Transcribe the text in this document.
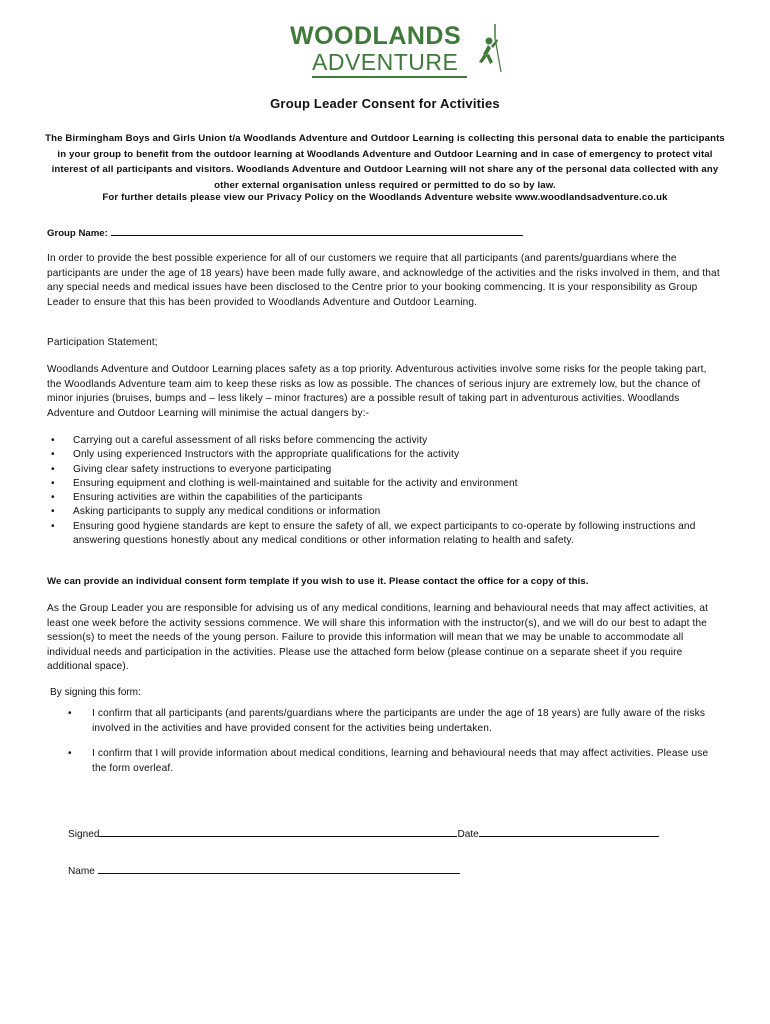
WOODLANDS
ADVENTURE
Group Leader Consent for Activities

The Birmingham Boys and Girls Union t/a Woodlands Adventure and Outdoor Learning is collecting this personal data to enable the participants in your group to benefit from the outdoor learning at Woodlands Adventure and Outdoor Learning and in case of emergency to protect vital interest of all participants and visitors. Woodlands Adventure and Outdoor Learning will not share any of the personal data collected with any other external organisation unless required or permitted to do so by law.

For further details please view our Privacy Policy on the Woodlands Adventure website www.woodlandsadventure.co.uk
Group Name:

In order to provide the best possible experience for all of our customers we require that all participants (and parents/guardians where the participants are under the age of 18 years) have been made fully aware, and acknowledge of the activities and the risks involved in them, and that any special needs and medical issues have been disclosed to the Centre prior to your booking commencing. It is your responsibility as Group Leader to ensure that this has been provided to Woodlands Adventure and Outdoor Learning.

Participation Statement;

Woodlands Adventure and Outdoor Learning places safety as a top priority. Adventurous activities involve some risks for the people taking part, the Woodlands Adventure team aim to keep these risks as low as possible. The chances of serious injury are extremely low, but the chance of minor injuries (bruises, bumps and – less likely – minor fractures) are a possible result of taking part in adventurous activities. Woodlands Adventure and Outdoor Learning will minimise the actual dangers by:-

• Carrying out a careful assessment of all risks before commencing the activity
• Only using experienced Instructors with the appropriate qualifications for the activity
• Giving clear safety instructions to everyone participating
• Ensuring equipment and clothing is well-maintained and suitable for the activity and environment
• Ensuring activities are within the capabilities of the participants
• Asking participants to supply any medical conditions or information
• Ensuring good hygiene standards are kept to ensure the safety of all, we expect participants to co-operate by following instructions and answering questions honestly about any medical conditions or other information relating to health and safety.
We can provide an individual consent form template if you wish to use it. Please contact the office for a copy of this.

As the Group Leader you are responsible for advising us of any medical conditions, learning and behavioural needs that may affect activities, at least one week before the activity sessions commence. We will share this information with the instructor(s), and we will do our best to adapt the session(s) to meet the needs of the young person. Failure to provide this information will mean that we may be unable to accommodate all individual needs and participation in the activities. Please use the attached form below (please continue on a separate sheet if you require additional space).

By signing this form:
•	I confirm that all participants (and parents/guardians where the participants are under the age of 18 years) are fully aware of the risks involved in the activities and have provided consent for the activities being undertaken.
•	I confirm that I will provide information about medical conditions, learning and behavioural needs that may affect activities. Please use the form overleaf.
Signed	Date
Name
